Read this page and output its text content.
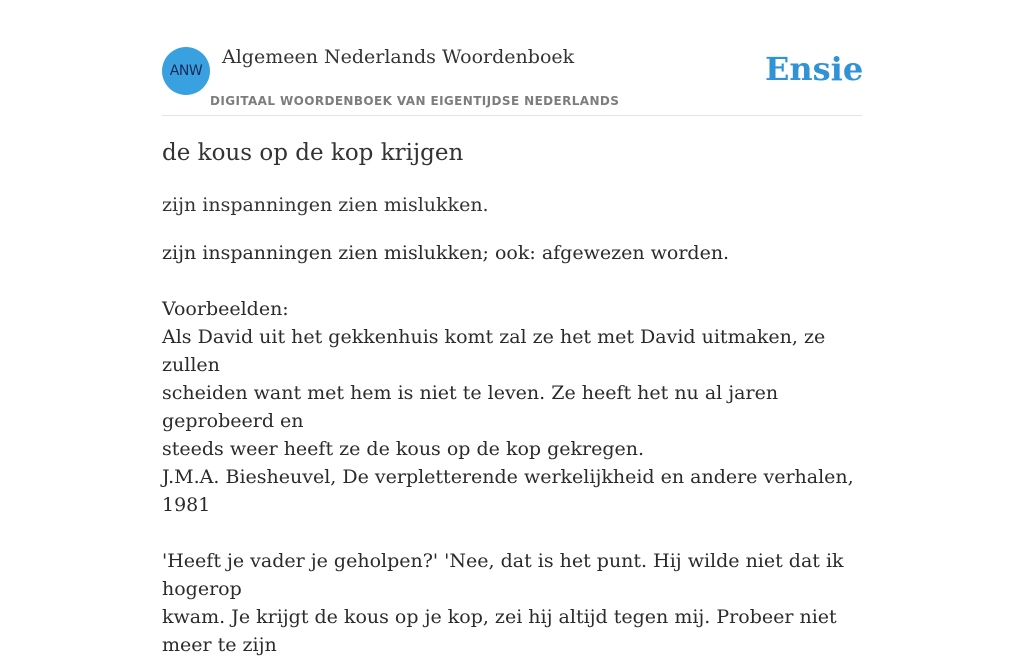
ANW
Algemeen Nederlands Woordenboek
DIGITAAL WOORDENBOEK VAN EIGENTIJDSE NEDERLANDS
Ensie
de kous op de kop krijgen
zijn inspanningen zien mislukken.

zijn inspanningen zien mislukken; ook: afgewezen worden.

Voorbeelden:

Als David uit het gekkenhuis komt zal ze het met David uitmaken, ze zullen

scheiden want met hem is niet te leven. Ze heeft het nu al jaren geprobeerd en

steeds weer heeft ze de kous op de kop gekregen.

J.M.A. Biesheuvel, De verpletterende werkelijkheid en andere verhalen, 1981

'Heeft je vader je geholpen?' 'Nee, dat is het punt. Hij wilde niet dat ik hogerop

kwam. Je krijgt de kous op je kop, zei hij altijd tegen mij. Probeer niet meer te zijn
